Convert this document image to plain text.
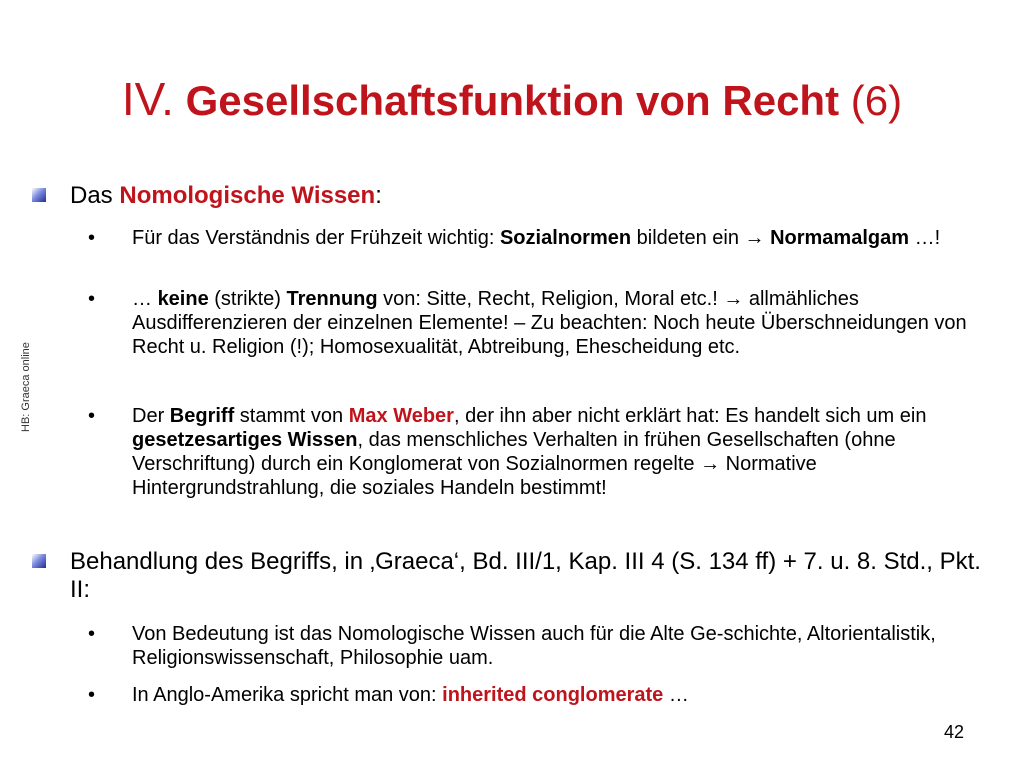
IV. Gesellschaftsfunktion von Recht (6)
HB: Graeca online
Das Nomologische Wissen:
• Für das Verständnis der Frühzeit wichtig: Sozialnormen bildeten ein → Normamalgam …!
• … keine (strikte) Trennung von: Sitte, Recht, Religion, Moral etc.! → allmähliches Ausdifferenzieren der einzelnen Elemente! – Zu beachten: Noch heute Überschneidungen von Recht u. Religion (!); Homosexualität, Abtreibung, Ehescheidung etc.
• Der Begriff stammt von Max Weber, der ihn aber nicht erklärt hat: Es handelt sich um ein gesetzesartiges Wissen, das menschliches Verhalten in frühen Gesellschaften (ohne Verschriftung) durch ein Konglomerat von Sozialnormen regelte → Normative Hintergrundstrahlung, die soziales Handeln bestimmt!
Behandlung des Begriffs, in ‚Graeca‘, Bd. III/1, Kap. III 4 (S. 134 ff) + 7. u. 8. Std., Pkt. II:
• Von Bedeutung ist das Nomologische Wissen auch für die Alte Ge-schichte, Altorientalistik, Religionswissenschaft, Philosophie uam.
• In Anglo-Amerika spricht man von: inherited conglomerate …
42
